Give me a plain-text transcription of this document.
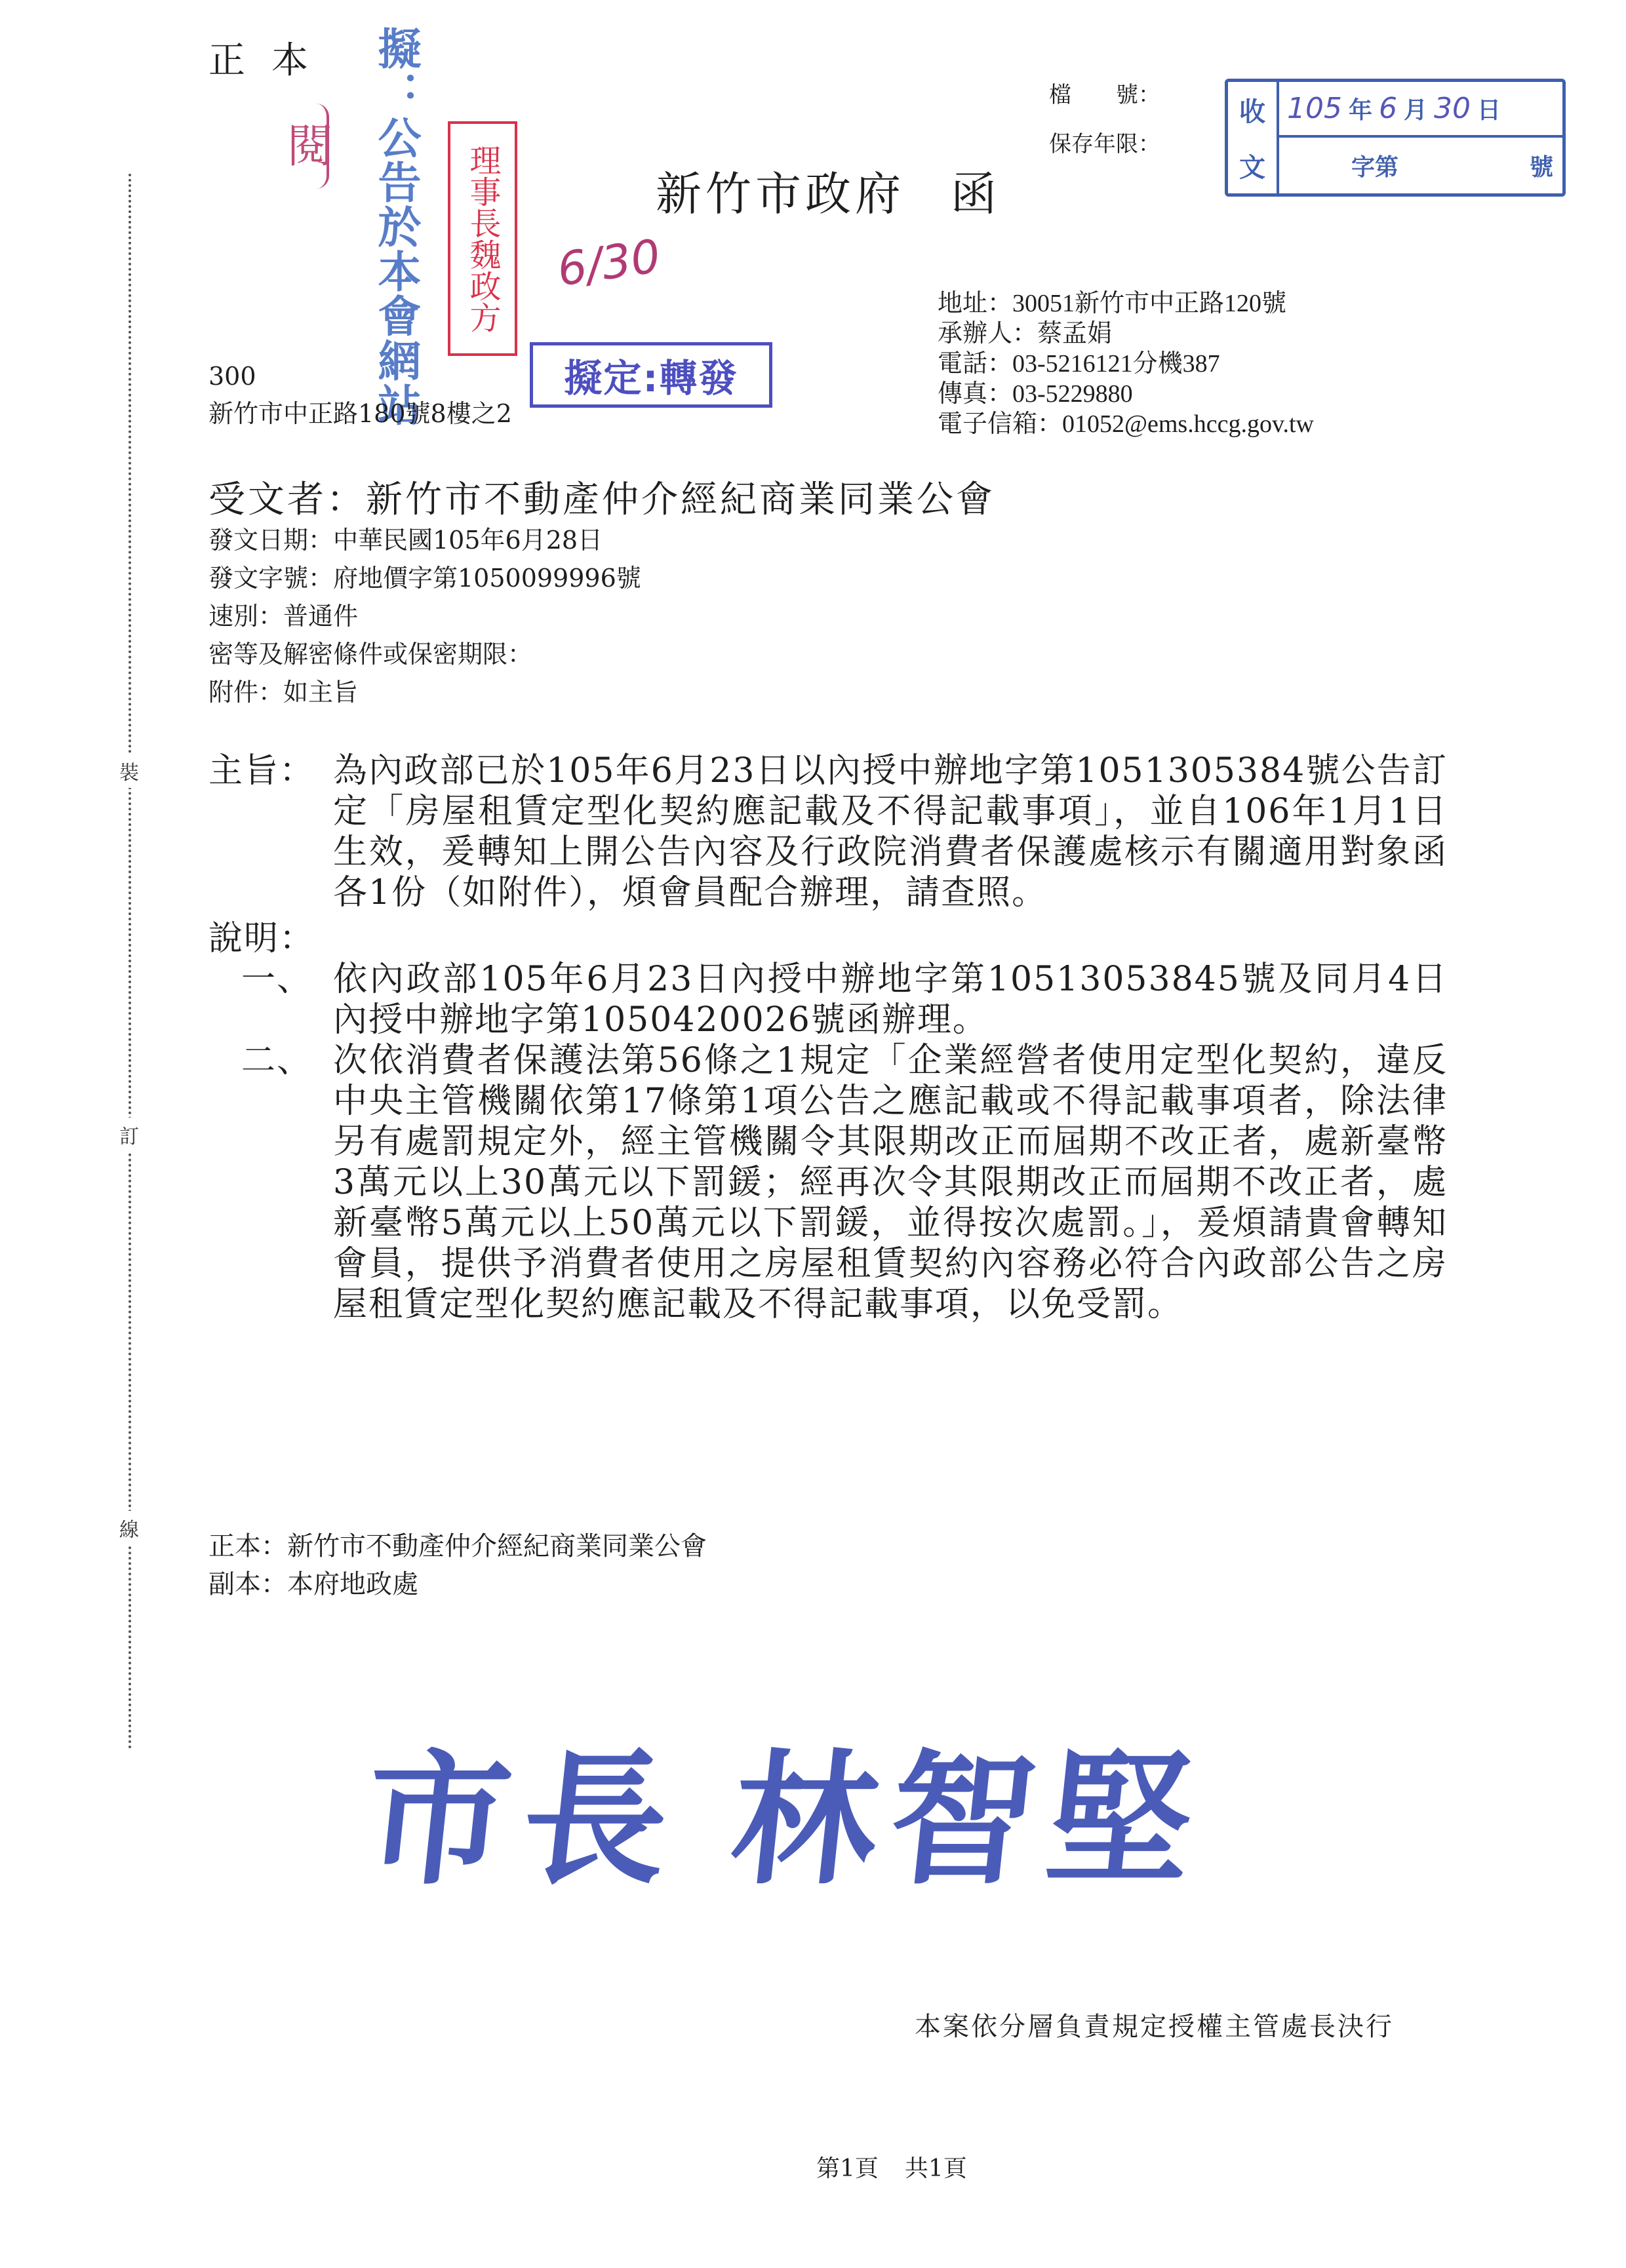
正本
閱 擬：公告於本會網站 理事長魏政方 6/30
擬定:轉發
新竹市政府 函
檔　　號：
保存年限：
收
文
105 年 6 月 30 日
字第	號
地址：30051新竹市中正路120號
承辦人：蔡孟娟
電話：03-5216121分機387
傳真：03-5229880
電子信箱：01052@ems.hccg.gov.tw
300
新竹市中正路180號8樓之2
受文者：新竹市不動產仲介經紀商業同業公會
發文日期：中華民國105年6月28日
發文字號：府地價字第1050099996號
速別：普通件
密等及解密條件或保密期限：
附件：如主旨
裝
訂
線
主旨： 為內政部已於105年6月23日以內授中辦地字第1051305384號公告訂定「房屋租賃定型化契約應記載及不得記載事項」，並自106年1月1日生效，爰轉知上開公告內容及行政院消費者保護處核示有關適用對象函各1份（如附件），煩會員配合辦理，請查照。
說明：
一、 依內政部105年6月23日內授中辦地字第10513053845號及同月4日內授中辦地字第1050420026號函辦理。
二、 次依消費者保護法第56條之1規定「企業經營者使用定型化契約，違反中央主管機關依第17條第1項公告之應記載或不得記載事項者，除法律另有處罰規定外，經主管機關令其限期改正而屆期不改正者，處新臺幣3萬元以上30萬元以下罰鍰；經再次令其限期改正而屆期不改正者，處新臺幣5萬元以上50萬元以下罰鍰，並得按次處罰。」，爰煩請貴會轉知會員，提供予消費者使用之房屋租賃契約內容務必符合內政部公告之房屋租賃定型化契約應記載及不得記載事項，以免受罰。
正本：新竹市不動產仲介經紀商業同業公會
副本：本府地政處
市長 林智堅
本案依分層負責規定授權主管處長決行
第1頁 共1頁
